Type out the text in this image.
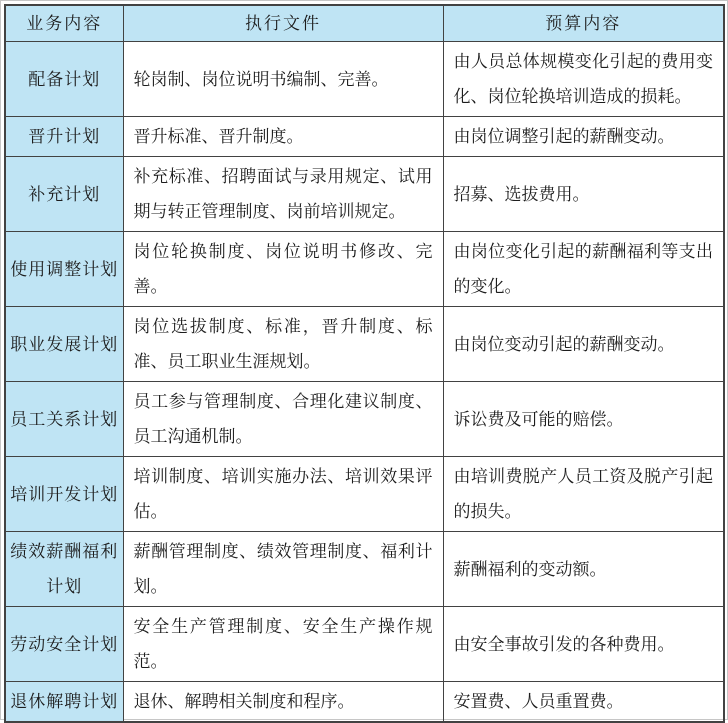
业务内容	执行文件	预算内容
配备计划	轮岗制、岗位说明书编制、完善。	由人员总体规模变化引起的费用变化、岗位轮换培训造成的损耗。
晋升计划	晋升标准、晋升制度。	由岗位调整引起的薪酬变动。
补充计划	补充标准、招聘面试与录用规定、试用期与转正管理制度、岗前培训规定。	招募、选拔费用。
使用调整计划	岗位轮换制度、岗位说明书修改、完善。	由岗位变化引起的薪酬福利等支出的变化。
职业发展计划	岗位选拔制度、标准，晋升制度、标准、员工职业生涯规划。	由岗位变动引起的薪酬变动。
员工关系计划	员工参与管理制度、合理化建议制度、员工沟通机制。	诉讼费及可能的赔偿。
培训开发计划	培训制度、培训实施办法、培训效果评估。	由培训费脱产人员工资及脱产引起的损失。
绩效薪酬福利计划	薪酬管理制度、绩效管理制度、福利计划。	薪酬福利的变动额。
劳动安全计划	安全生产管理制度、安全生产操作规范。	由安全事故引发的各种费用。
退休解聘计划	退休、解聘相关制度和程序。	安置费、人员重置费。
